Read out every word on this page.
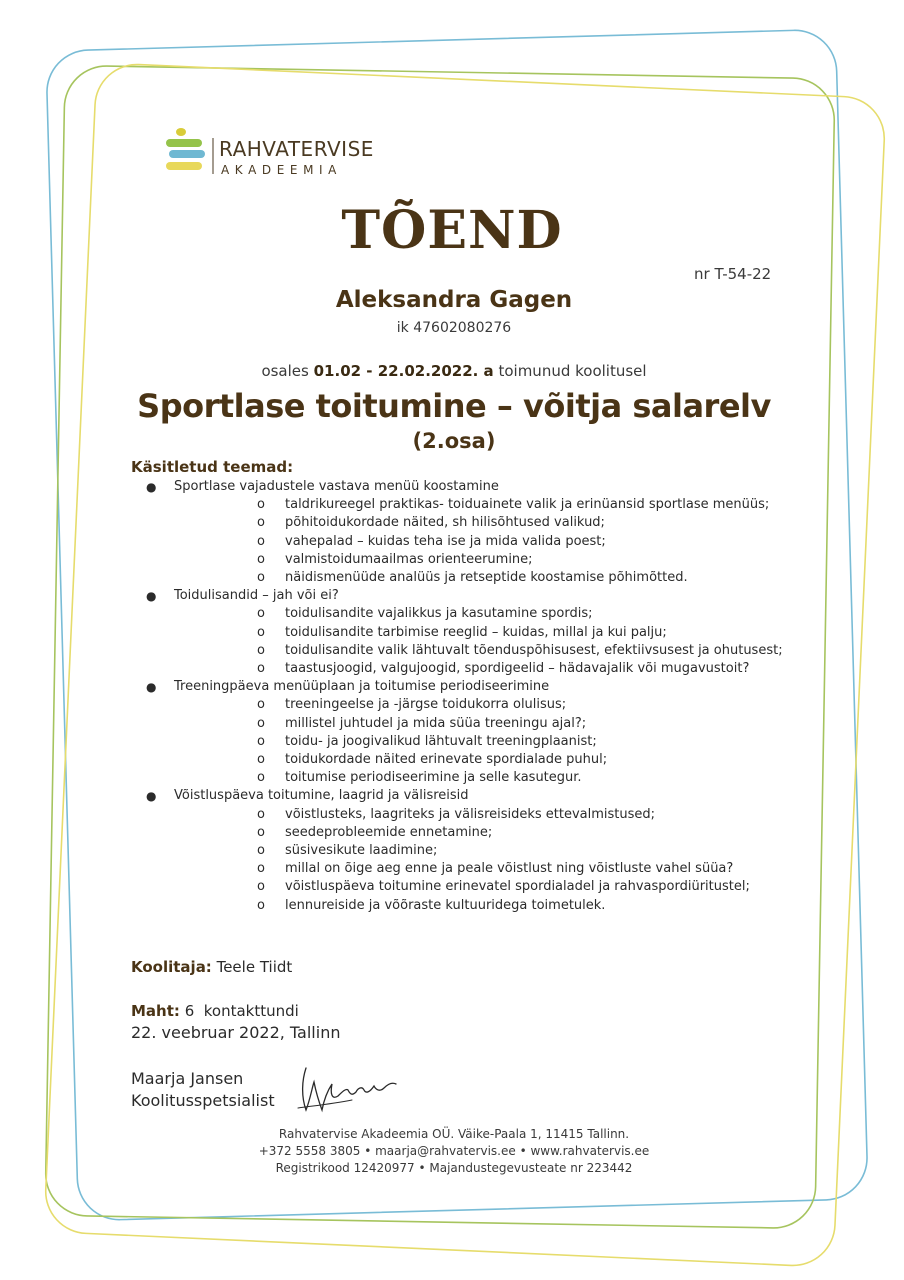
RAHVATERVISE
AKADEEMIA
TÕEND
nr T-54-22
Aleksandra Gagen
ik 47602080276
osales 01.02 - 22.02.2022. a toimunud koolitusel
Sportlase toitumine – võitja salarelv
(2.osa)
Käsitletud teemad:
● Sportlase vajadustele vastava menüü koostamine
o taldrikureegel praktikas- toiduainete valik ja erinüansid sportlase menüüs;
o põhitoidukordade näited, sh hilisõhtused valikud;
o vahepalad – kuidas teha ise ja mida valida poest;
o valmistoidumaailmas orienteerumine;
o näidismenüüde analüüs ja retseptide koostamise põhimõtted.
● Toidulisandid – jah või ei?
o toidulisandite vajalikkus ja kasutamine spordis;
o toidulisandite tarbimise reeglid – kuidas, millal ja kui palju;
o toidulisandite valik lähtuvalt tõenduspõhisusest, efektiivsusest ja ohutusest;
o taastusjoogid, valgujoogid, spordigeelid – hädavajalik või mugavustoit?
● Treeningpäeva menüüplaan ja toitumise periodiseerimine
o treeningeelse ja -järgse toidukorra olulisus;
o millistel juhtudel ja mida süüa treeningu ajal?;
o toidu- ja joogivalikud lähtuvalt treeningplaanist;
o toidukordade näited erinevate spordialade puhul;
o toitumise periodiseerimine ja selle kasutegur.
● Võistluspäeva toitumine, laagrid ja välisreisid
o võistlusteks, laagriteks ja välisreisideks ettevalmistused;
o seedeprobleemide ennetamine;
o süsivesikute laadimine;
o millal on õige aeg enne ja peale võistlust ning võistluste vahel süüa?
o võistluspäeva toitumine erinevatel spordialadel ja rahvaspordiüritustel;
o lennureiside ja võõraste kultuuridega toimetulek.
Koolitaja: Teele Tiidt
Maht: 6  kontakttundi
22. veebruar 2022, Tallinn
Maarja Jansen
Koolitusspetsialist
Rahvatervise Akadeemia OÜ. Väike-Paala 1, 11415 Tallinn.
+372 5558 3805 • maarja@rahvatervis.ee • www.rahvatervis.ee
Registrikood 12420977 • Majandustegevusteate nr 223442
